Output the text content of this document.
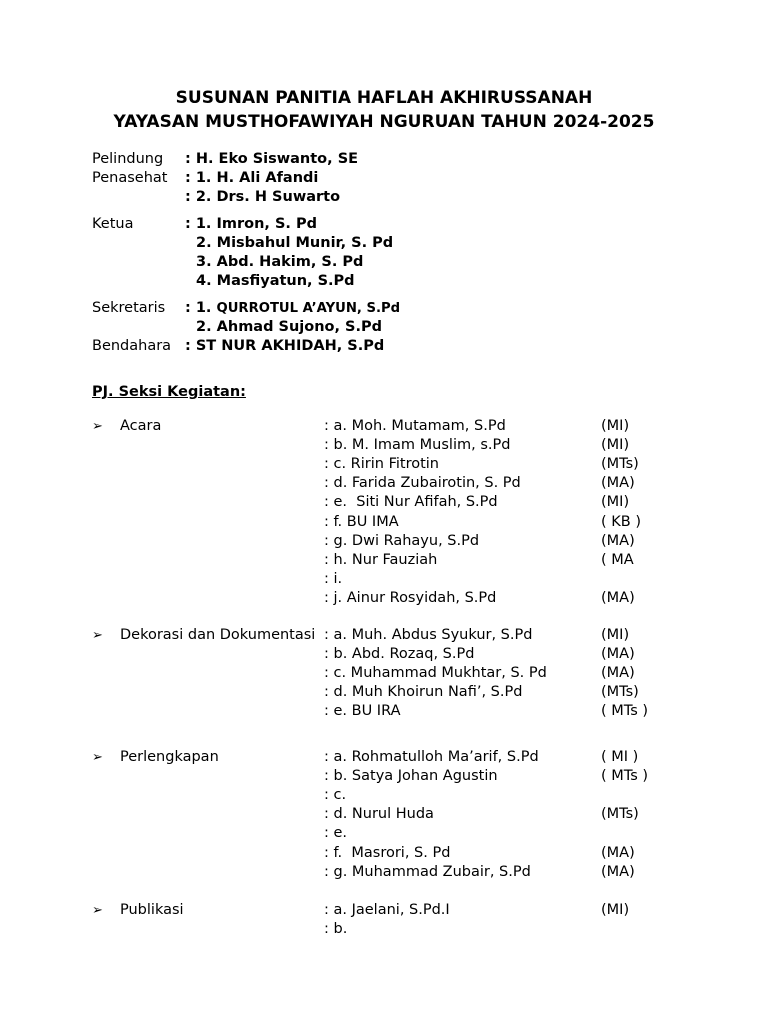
SUSUNAN PANITIA HAFLAH AKHIRUSSANAH
YAYASAN MUSTHOFAWIYAH NGURUAN TAHUN 2024-2025
Pelindung : H. Eko Siswanto, SE
Penasehat : 1. H. Ali Afandi
: 2. Drs. H Suwarto
Ketua	: 1. Imron, S. Pd
2. Misbahul Munir, S. Pd
3. Abd. Hakim, S. Pd
4. Masfiyatun, S.Pd
Sekretaris : 1. QURROTUL A’AYUN, S.Pd
2. Ahmad Sujono, S.Pd
Bendahara : ST NUR AKHIDAH, S.Pd
PJ. Seksi Kegiatan:
➢ Acara	: a. Moh. Mutamam, S.Pd	(MI)
: b. M. Imam Muslim, s.Pd	(MI)
: c. Ririn Fitrotin	(MTs)
: d. Farida Zubairotin, S. Pd	(MA)
: e.  Siti Nur Afifah, S.Pd	(MI)
: f. BU IMA	( KB )
: g. Dwi Rahayu, S.Pd	(MA)
: h. Nur Fauziah	( MA
: i.
: j. Ainur Rosyidah, S.Pd	(MA)
➢ Dekorasi dan Dokumentasi : a. Muh. Abdus Syukur, S.Pd	(MI)
: b. Abd. Rozaq, S.Pd	(MA)
: c. Muhammad Mukhtar, S. Pd	(MA)
: d. Muh Khoirun Nafi’, S.Pd	(MTs)
: e. BU IRA	( MTs )
➢ Perlengkapan	: a. Rohmatulloh Ma’arif, S.Pd	( MI )
: b. Satya Johan Agustin	( MTs )
: c.
: d. Nurul Huda	(MTs)
: e.
: f.  Masrori, S. Pd	(MA)
: g. Muhammad Zubair, S.Pd	(MA)
➢ Publikasi	: a. Jaelani, S.Pd.I	(MI)
: b.
